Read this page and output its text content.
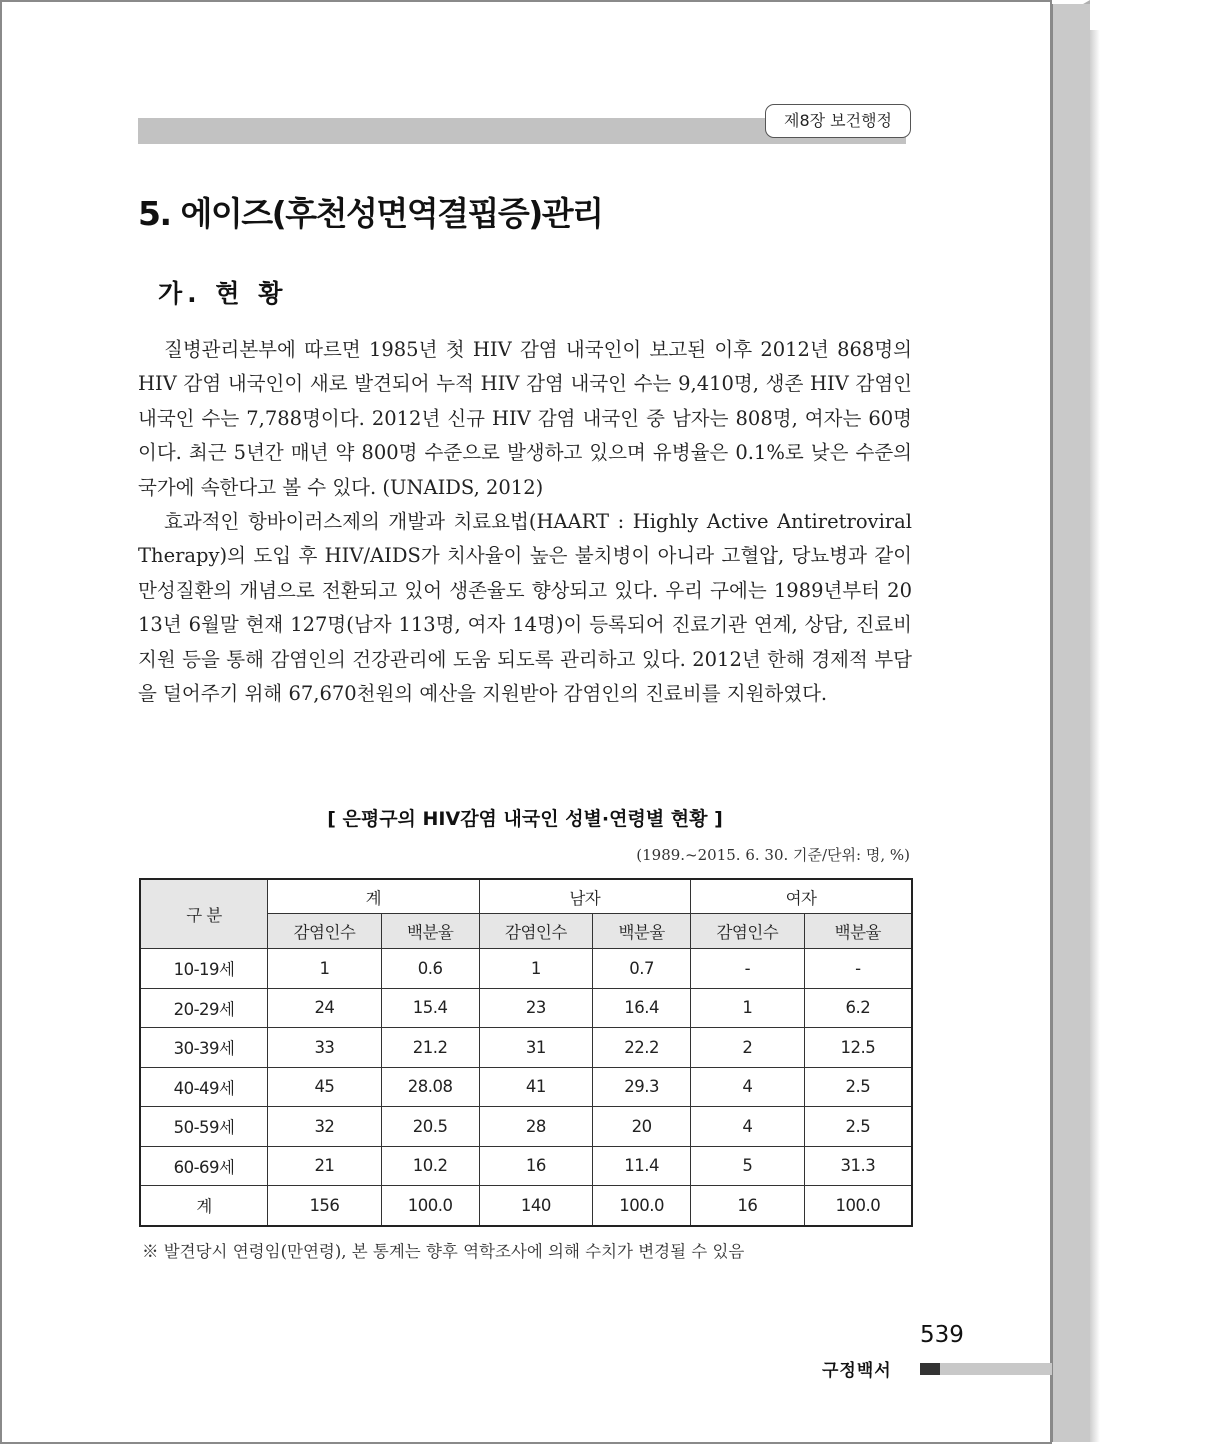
제8장 보건행정
5. 에이즈(후천성면역결핍증)관리
가. 현 황

질병관리본부에 따르면 1985년 첫 HIV 감염 내국인이 보고된 이후 2012년 868명의 HIV 감염 내국인이 새로 발견되어 누적 HIV 감염 내국인 수는 9,410명, 생존 HIV 감염인 내국인 수는 7,788명이다. 2012년 신규 HIV 감염 내국인 중 남자는 808명, 여자는 60명이다. 최근 5년간 매년 약 800명 수준으로 발생하고 있으며 유병율은 0.1%로 낮은 수준의 국가에 속한다고 볼 수 있다. (UNAIDS, 2012)

효과적인 항바이러스제의 개발과 치료요법(HAART : Highly Active Antiretroviral Therapy)의 도입 후 HIV/AIDS가 치사율이 높은 불치병이 아니라 고혈압, 당뇨병과 같이 만성질환의 개념으로 전환되고 있어 생존율도 향상되고 있다. 우리 구에는 1989년부터 2013년 6월말 현재 127명(남자 113명, 여자 14명)이 등록되어 진료기관 연계, 상담, 진료비 지원 등을 통해 감염인의 건강관리에 도움 되도록 관리하고 있다. 2012년 한해 경제적 부담을 덜어주기 위해 67,670천원의 예산을 지원받아 감염인의 진료비를 지원하였다.

[ 은평구의 HIV감염 내국인 성별·연령별 현황 ]
(1989.~2015. 6. 30. 기준/단위: 명, %)
구 분	계		남자		여자	
	감염인수	백분율	감염인수	백분율	감염인수	백분율
10-19세	1	0.6	1	0.7	-	-
20-29세	24	15.4	23	16.4	1	6.2
30-39세	33	21.2	31	22.2	2	12.5
40-49세	45	28.08	41	29.3	4	2.5
50-59세	32	20.5	28	20	4	2.5
60-69세	21	10.2	16	11.4	5	31.3
계	156	100.0	140	100.0	16	100.0
※ 발견당시 연령임(만연령), 본 통계는 향후 역학조사에 의해 수치가 변경될 수 있음
539
구정백서
